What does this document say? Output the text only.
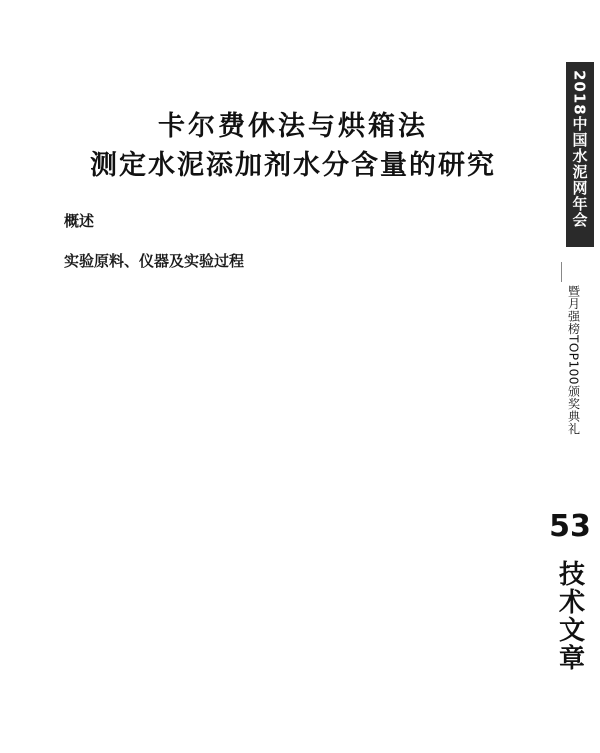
卡尔费休法与烘箱法
测定水泥添加剂水分含量的研究
概述
实验原料、仪器及实验过程
2018中国水泥网年会
暨月强榜TOP100颁奖典礼
53
技术文章
